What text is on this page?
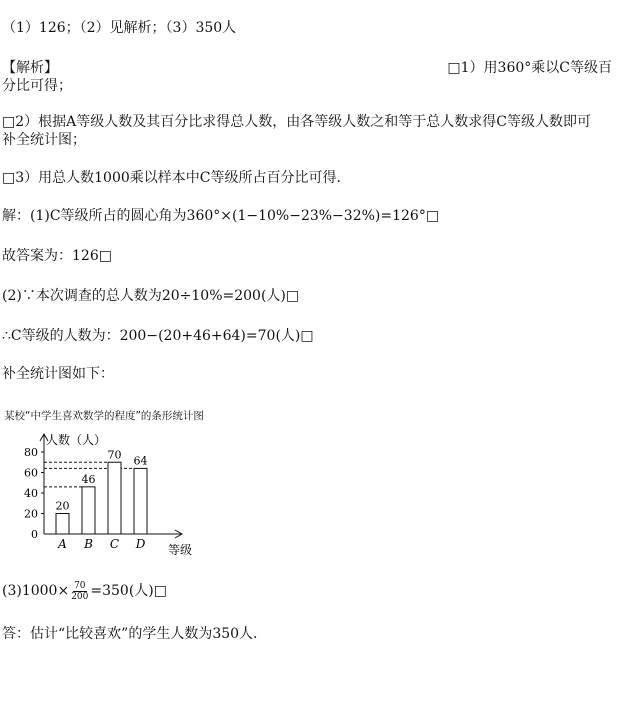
（1）126；（2）见解析；（3）350人
【解析】	□1）用360°乘以C等级百
分比可得；
□2）根据A等级人数及其百分比求得总人数，由各等级人数之和等于总人数求得C等级人数即可
补全统计图；
□3）用总人数1000乘以样本中C等级所占百分比可得．
解：(1)C等级所占的圆心角为360°×(1−10%−23%−32%)=126°□
故答案为：126□
(2)∵本次调查的总人数为20÷10%=200(人)□
∴C等级的人数为：200−(20+46+64)=70(人)□
补全统计图如下：
某校“中学生喜欢数学的程度”的条形统计图
人数（人）
等级
0
20
40
60
80
20
A
46
B
70
C
64
D
$(3)1000\times \frac{70}{200} =350$(人)□
答：估计“比较喜欢”的学生人数为350人.
